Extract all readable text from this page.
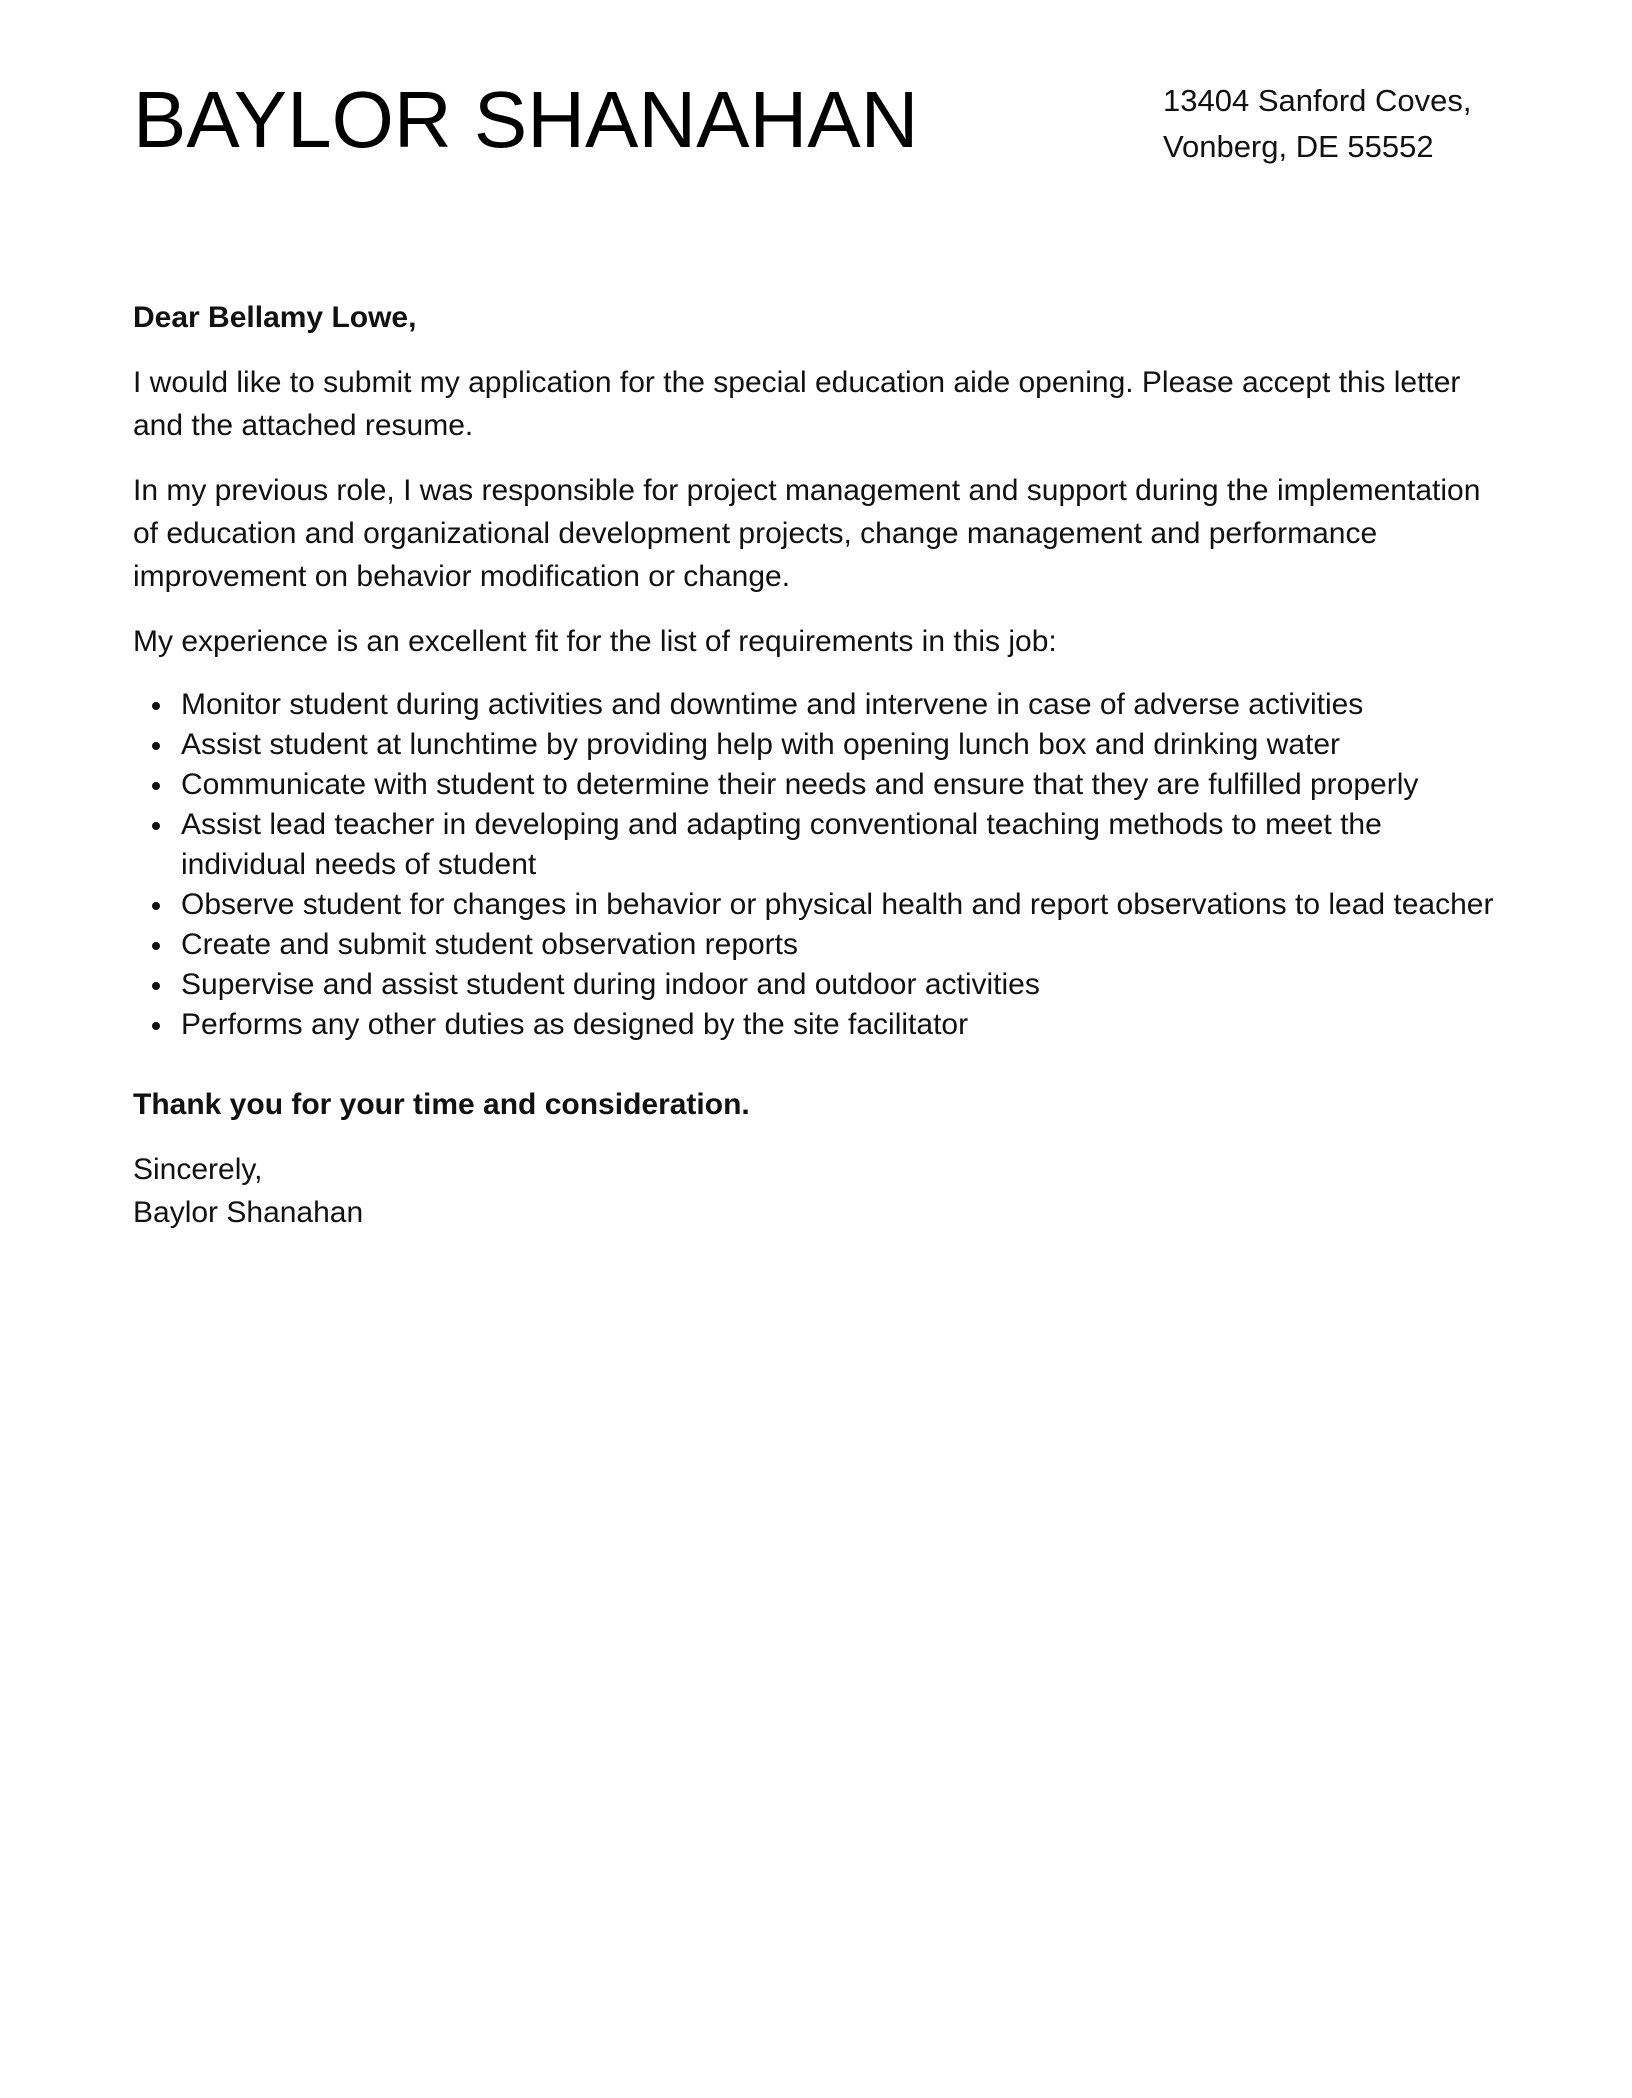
BAYLOR SHANAHAN	13404 Sanford Coves,
Vonberg, DE 55552

Dear Bellamy Lowe,

I would like to submit my application for the special education aide opening. Please accept this letter and the attached resume.

In my previous role, I was responsible for project management and support during the implementation of education and organizational development projects, change management and performance improvement on behavior modification or change.

My experience is an excellent fit for the list of requirements in this job:

Monitor student during activities and downtime and intervene in case of adverse activities
Assist student at lunchtime by providing help with opening lunch box and drinking water
Communicate with student to determine their needs and ensure that they are fulfilled properly
Assist lead teacher in developing and adapting conventional teaching methods to meet the individual needs of student
Observe student for changes in behavior or physical health and report observations to lead teacher
Create and submit student observation reports
Supervise and assist student during indoor and outdoor activities
Performs any other duties as designed by the site facilitator

Thank you for your time and consideration.

Sincerely,
Baylor Shanahan
